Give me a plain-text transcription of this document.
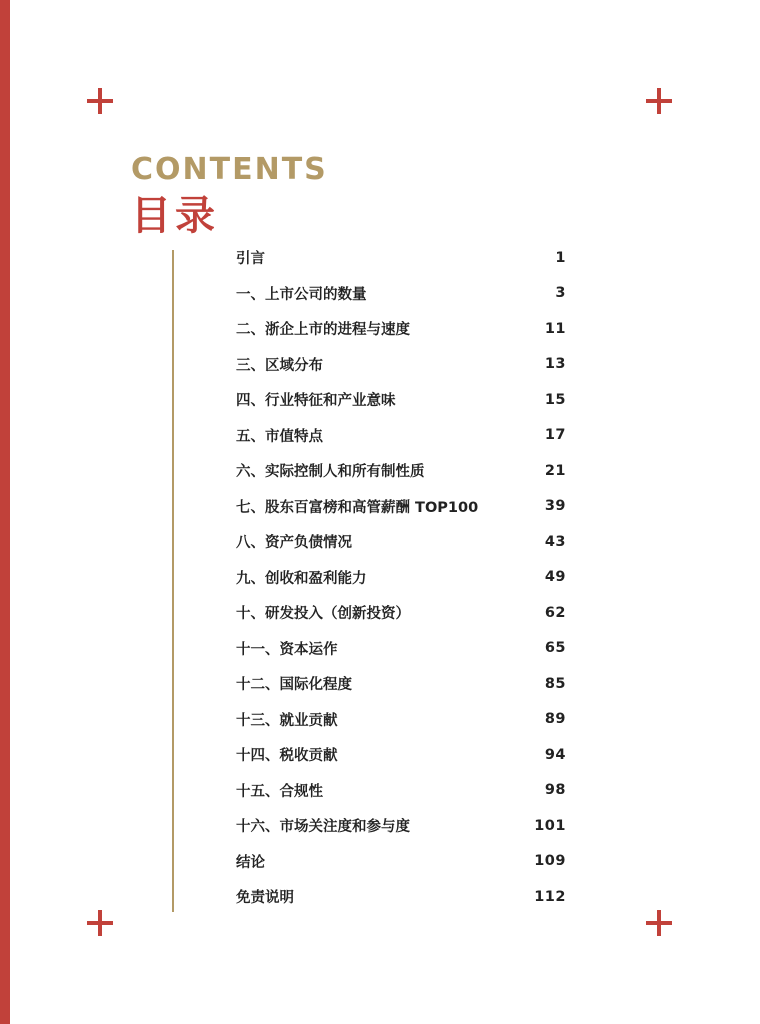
CONTENTS
目录
引言	1
一、上市公司的数量	3
二、浙企上市的进程与速度	11
三、区域分布	13
四、行业特征和产业意味	15
五、市值特点	17
六、实际控制人和所有制性质	21
七、股东百富榜和高管薪酬 TOP100	39
八、资产负债情况	43
九、创收和盈利能力	49
十、研发投入（创新投资）	62
十一、资本运作	65
十二、国际化程度	85
十三、就业贡献	89
十四、税收贡献	94
十五、合规性	98
十六、市场关注度和参与度	101
结论	109
免责说明	112
